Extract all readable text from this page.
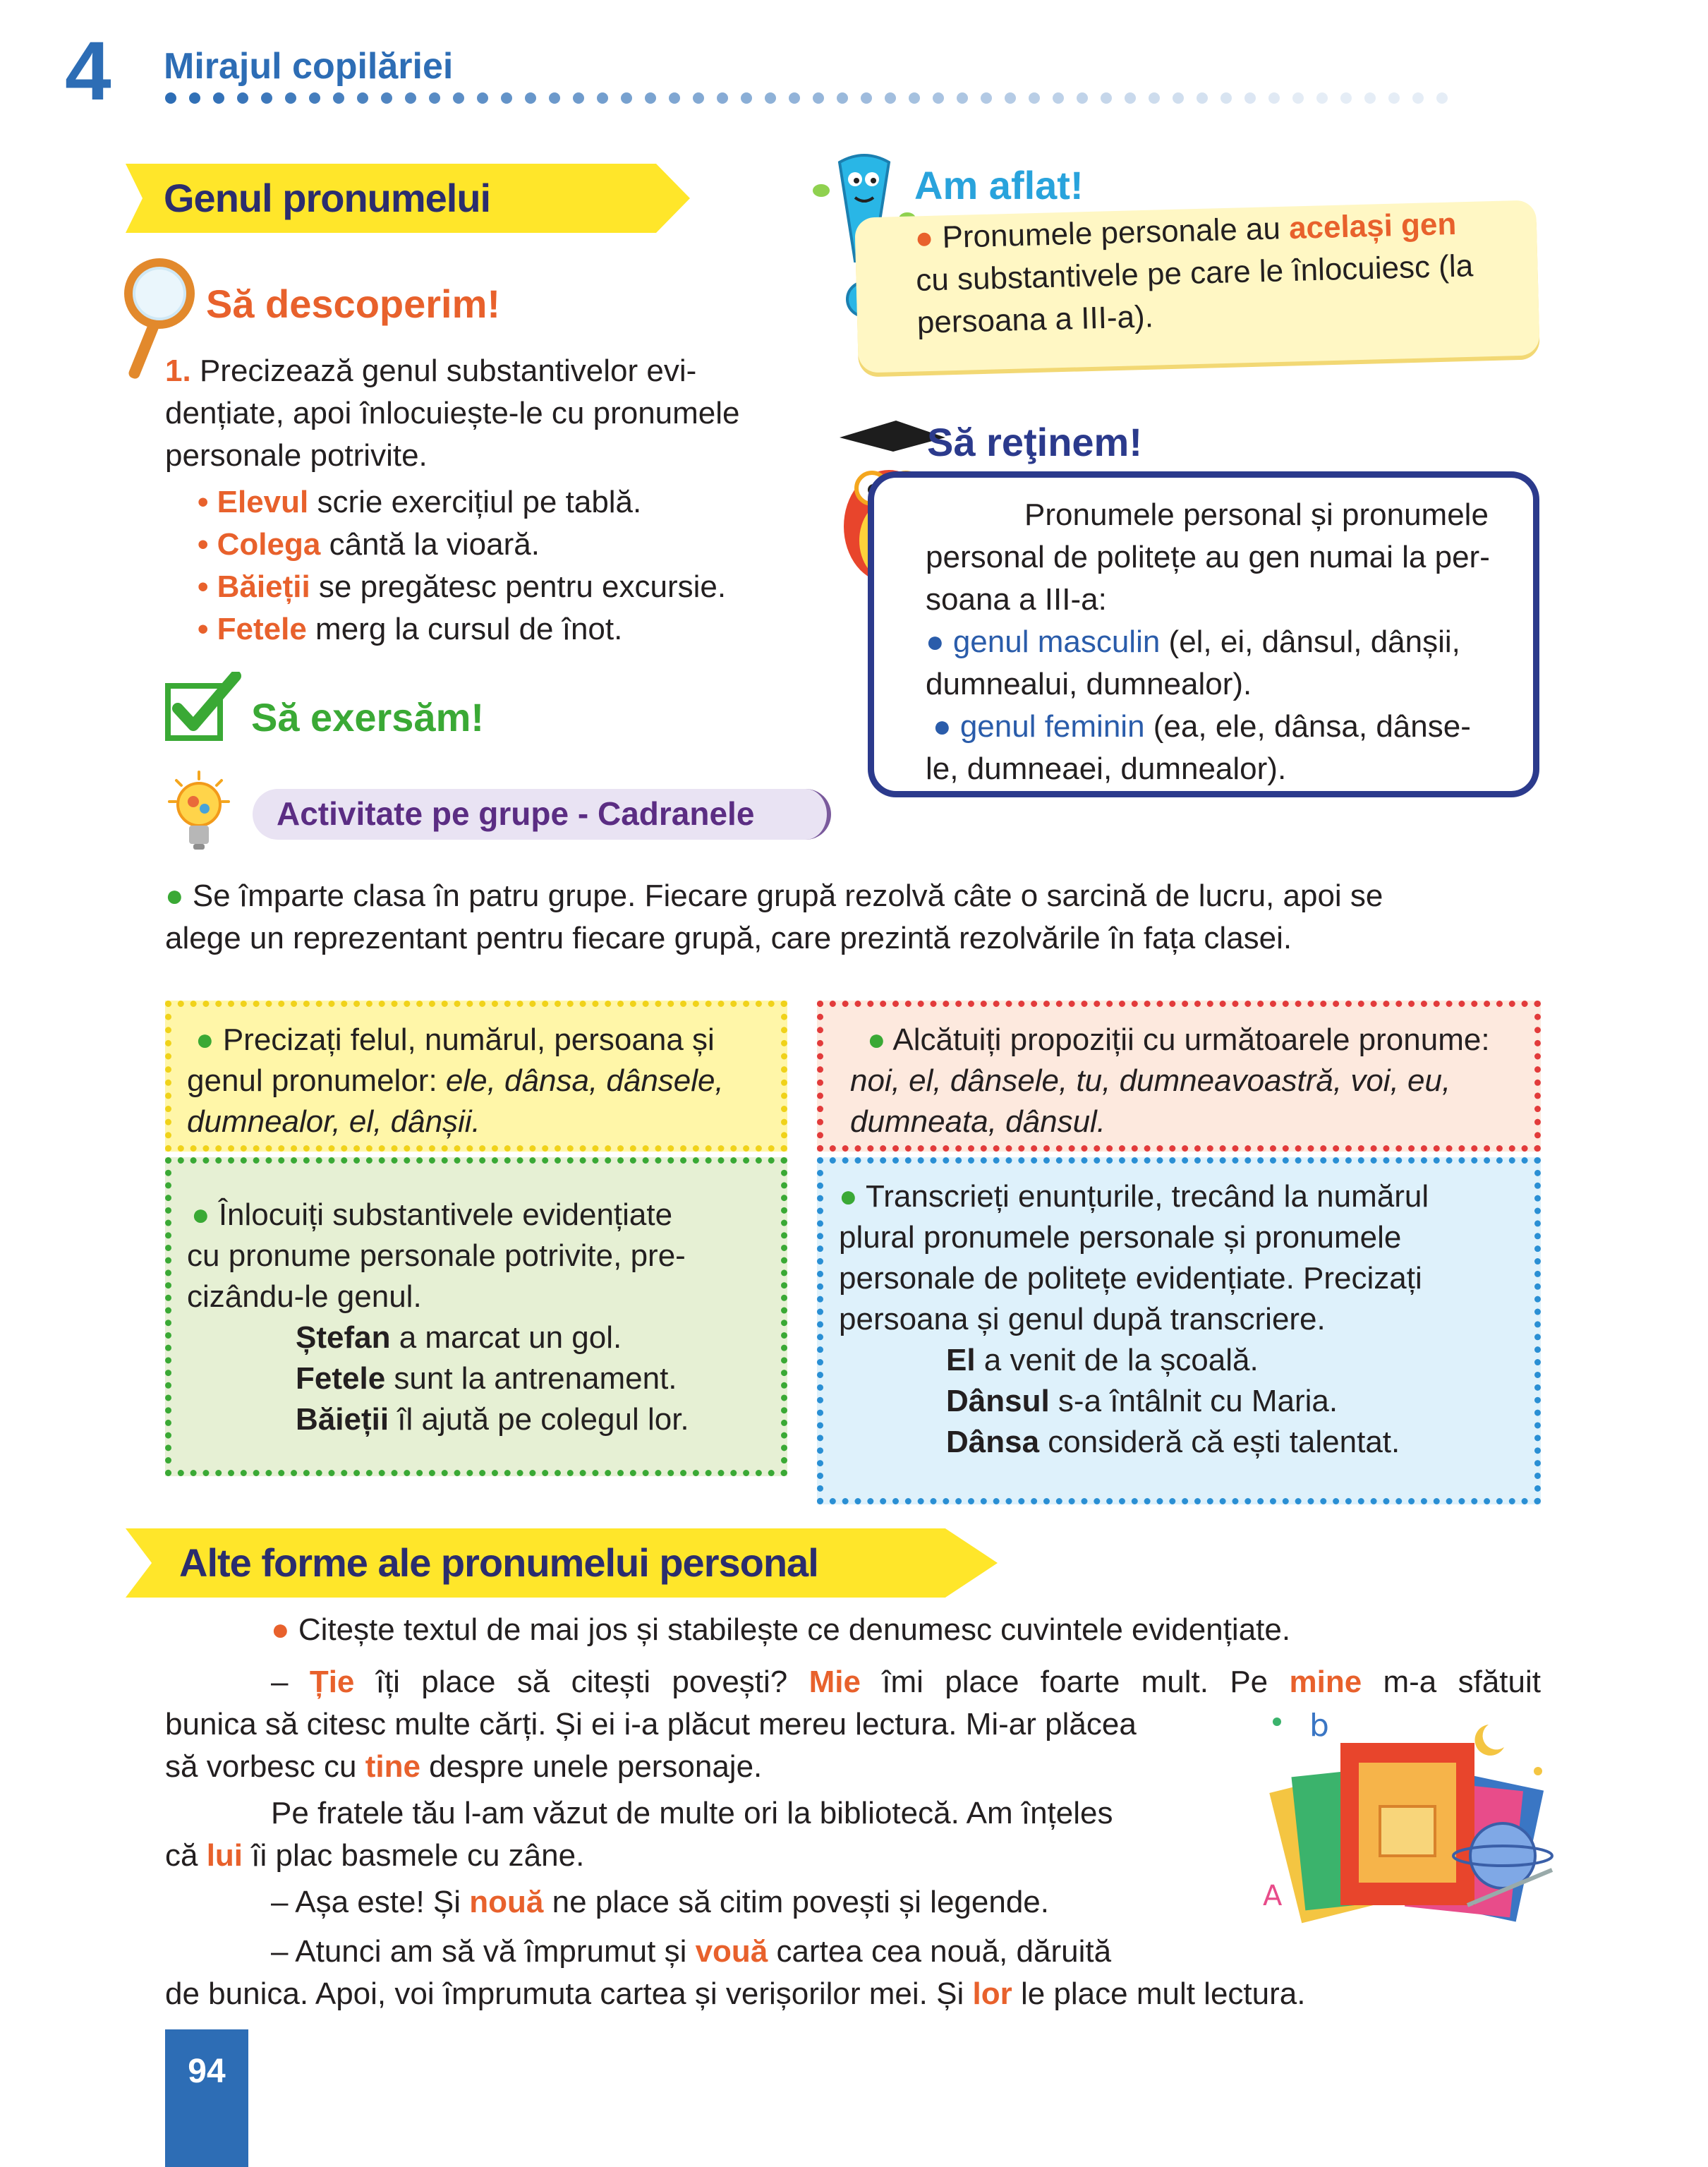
4 Mirajul copilăriei
Genul pronumelui
Să descoperim!
1. Precizează genul substantivelor evi-
dențiate, apoi înlocuiește-le cu pronumele
personale potrivite.
• Elevul scrie exercițiul pe tablă.
• Colega cântă la vioară.
• Băieții se pregătesc pentru excursie.
• Fetele merg la cursul de înot.
Să exersăm!
Activitate pe grupe - Cadranele
Am aflat!
● Pronumele personale au același gen
cu substantivele pe care le înlocuiesc (la
persoana a III-a).
Să reţinem!
Pronumele personal și pronumele
personal de politețe au gen numai la per-
soana a III-a:
● genul masculin (el, ei, dânsul, dânșii,
dumnealui, dumnealor).
● genul feminin (ea, ele, dânsa, dânse-
le, dumneaei, dumnealor).
● Se împarte clasa în patru grupe. Fiecare grupă rezolvă câte o sarcină de lucru, apoi se
alege un reprezentant pentru fiecare grupă, care prezintă rezolvările în fața clasei.
● Precizați felul, numărul, persoana și
genul pronumelor: ele, dânsa, dânsele,
dumnealor, el, dânșii.
● Alcătuiți propoziții cu următoarele pronume:
noi, el, dânsele, tu, dumneavoastră, voi, eu,
dumneata, dânsul.
● Înlocuiți substantivele evidențiate
cu pronume personale potrivite, pre-
cizându-le genul.
Ștefan a marcat un gol.
Fetele sunt la antrenament.
Băieții îl ajută pe colegul lor.
● Transcrieți enunțurile, trecând la numărul
plural pronumele personale și pronumele
personale de politețe evidențiate. Precizați
persoana și genul după transcriere.
El a venit de la școală.
Dânsul s-a întâlnit cu Maria.
Dânsa consideră că ești talentat.
Alte forme ale pronumelui personal
● Citește textul de mai jos și stabilește ce denumesc cuvintele evidențiate.
– Ție îți place să citești povești? Mie îmi place foarte mult. Pe mine m-a sfătuit
bunica să citesc multe cărți. Și ei i-a plăcut mereu lectura. Mi-ar plăcea
să vorbesc cu tine despre unele personaje.
Pe fratele tău l-am văzut de multe ori la bibliotecă. Am înțeles
că lui îi plac basmele cu zâne.
– Așa este! Și nouă ne place să citim povești și legende.
– Atunci am să vă împrumut și vouă cartea cea nouă, dăruită
de bunica. Apoi, voi împrumuta cartea și verișorilor mei. Și lor le place mult lectura.
b
A
94
